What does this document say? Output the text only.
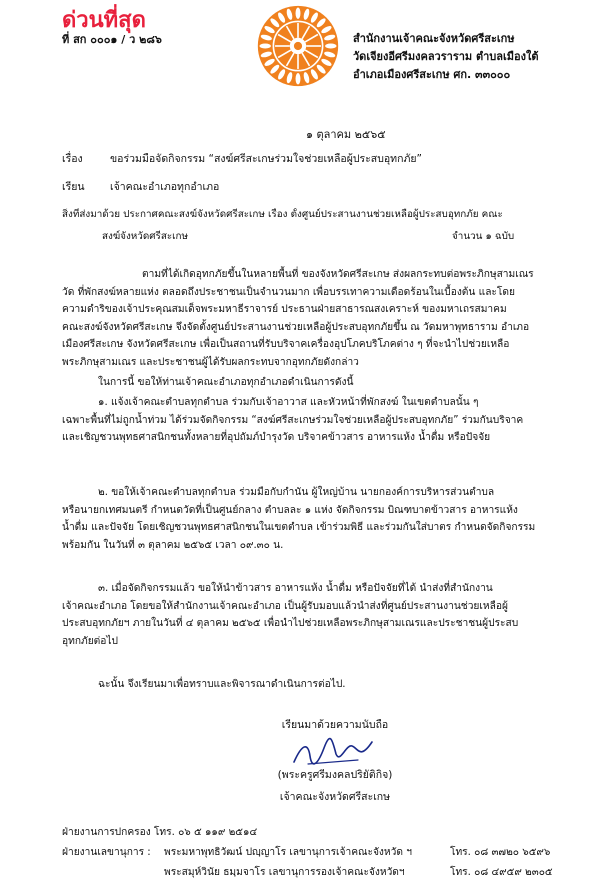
ด่วนที่สุด
ที่ สก ๐๐๐๑ / ว ๒๘๖	สำนักงานเจ้าคณะจังหวัดศรีสะเกษ
วัดเจียงอีศรีมงคลวราราม ตำบลเมืองใต้
อำเภอเมืองศรีสะเกษ ศก. ๓๓๐๐๐
๑ ตุลาคม ๒๕๖๕
เรื่อง	ขอร่วมมือจัดกิจกรรม “สงฆ์ศรีสะเกษร่วมใจช่วยเหลือผู้ประสบอุทกภัย”
เรียน เจ้าคณะอำเภอทุกอำเภอ
สิ่งที่ส่งมาด้วย ประกาศคณะสงฆ์จังหวัดศรีสะเกษ เรื่อง ตั้งศูนย์ประสานงานช่วยเหลือผู้ประสบอุทกภัย คณะ
สงฆ์จังหวัดศรีสะเกษ	จำนวน ๑ ฉบับ
ตามที่ได้เกิดอุทกภัยขึ้นในหลายพื้นที่ ของจังหวัดศรีสะเกษ ส่งผลกระทบต่อพระภิกษุสามเณร
วัด ที่พักสงฆ์หลายแห่ง ตลอดถึงประชาชนเป็นจำนวนมาก เพื่อบรรเทาความเดือดร้อนในเบื้องต้น และโดย
ความดำริของเจ้าประคุณสมเด็จพระมหาธีราจารย์ ประธานฝ่ายสาธารณสงเคราะห์ ของมหาเถรสมาคม
คณะสงฆ์จังหวัดศรีสะเกษ จึงจัดตั้งศูนย์ประสานงานช่วยเหลือผู้ประสบอุทกภัยขึ้น ณ วัดมหาพุทธาราม อำเภอ
เมืองศรีสะเกษ จังหวัดศรีสะเกษ เพื่อเป็นสถานที่รับบริจาคเครื่องอุปโภคบริโภคต่าง ๆ ที่จะนำไปช่วยเหลือ
พระภิกษุสามเณร และประชาชนผู้ได้รับผลกระทบจากอุทกภัยดังกล่าว
ในการนี้ ขอให้ท่านเจ้าคณะอำเภอทุกอำเภอดำเนินการดังนี้
๑. แจ้งเจ้าคณะตำบลทุกตำบล ร่วมกับเจ้าอาวาส และหัวหน้าที่พักสงฆ์ ในเขตตำบลนั้น ๆ
เฉพาะพื้นที่ไม่ถูกน้ำท่วม ได้ร่วมจัดกิจกรรม “สงฆ์ศรีสะเกษร่วมใจช่วยเหลือผู้ประสบอุทกภัย” ร่วมกันบริจาค
และเชิญชวนพุทธศาสนิกชนทั้งหลายที่อุปถัมภ์บำรุงวัด บริจาคข้าวสาร อาหารแห้ง น้ำดื่ม หรือปัจจัย
๒. ขอให้เจ้าคณะตำบลทุกตำบล ร่วมมือกับกำนัน ผู้ใหญ่บ้าน นายกองค์การบริหารส่วนตำบล
หรือนายกเทศมนตรี กำหนดวัดที่เป็นศูนย์กลาง ตำบลละ ๑ แห่ง จัดกิจกรรม บิณฑบาตข้าวสาร อาหารแห้ง
น้ำดื่ม และปัจจัย โดยเชิญชวนพุทธศาสนิกชนในเขตตำบล เข้าร่วมพิธี และร่วมกันใส่บาตร กำหนดจัดกิจกรรม
พร้อมกัน ในวันที่ ๓ ตุลาคม ๒๕๖๕ เวลา ๐๙.๓๐ น.
๓. เมื่อจัดกิจกรรมแล้ว ขอให้นำข้าวสาร อาหารแห้ง น้ำดื่ม หรือปัจจัยที่ได้ นำส่งที่สำนักงาน
เจ้าคณะอำเภอ โดยขอให้สำนักงานเจ้าคณะอำเภอ เป็นผู้รับมอบแล้วนำส่งที่ศูนย์ประสานงานช่วยเหลือผู้
ประสบอุทกภัยฯ ภายในวันที่ ๔ ตุลาคม ๒๕๖๕ เพื่อนำไปช่วยเหลือพระภิกษุสามเณรและประชาชนผู้ประสบ
อุทกภัยต่อไป
ฉะนั้น จึงเรียนมาเพื่อทราบและพิจารณาดำเนินการต่อไป.
เรียนมาด้วยความนับถือ
(พระครูศรีมงคลปริยัติกิจ)
เจ้าคณะจังหวัดศรีสะเกษ
ฝ่ายงานการปกครอง โทร. ๐๖ ๕ ๑๑๙ ๒๕๑๔
ฝ่ายงานเลขานุการ : พระมหาพุทธิวัฒน์ ปญฺญาโร เลขานุการเจ้าคณะจังหวัด ฯ	โทร. ๐๘ ๓๗๒๐ ๖๕๙๖
พระสมุห์วินัย ธมฺมจาโร เลขานุการรองเจ้าคณะจังหวัดฯ	โทร. ๐๘ ๔๙๕๙ ๒๓๐๕
